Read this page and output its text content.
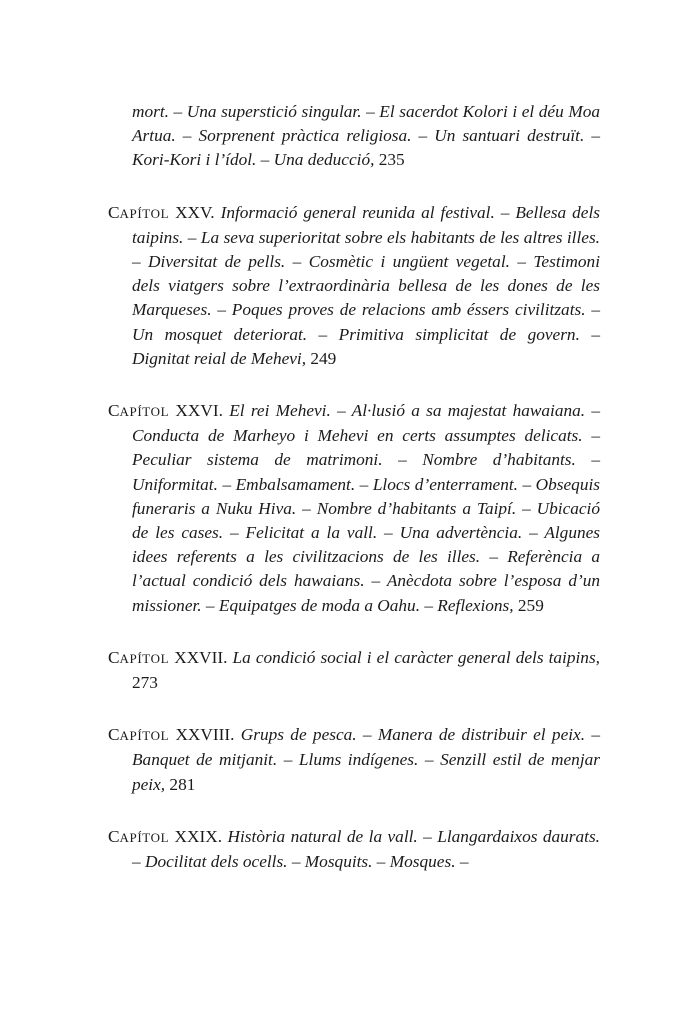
mort. – Una superstició singular. – El sacerdot Kolori i el déu Moa Artua. – Sorprenent pràctica religiosa. – Un santuari destruït. – Kori-Kori i l’ídol. – Una deducció, 235

CAPÍTOL XXV. Informació general reunida al festival. – Bellesa dels taipins. – La seva superioritat sobre els habitants de les altres illes. – Diversitat de pells. – Cosmètic i ungüent vegetal. – Testimoni dels viatgers sobre l’extraordinària bellesa de les dones de les Marqueses. – Poques proves de relacions amb éssers civilitzats. – Un mosquet deteriorat. – Primitiva simplicitat de govern. – Dignitat reial de Mehevi, 249

CAPÍTOL XXVI. El rei Mehevi. – Al·lusió a sa majestat hawaiana. – Conducta de Marheyo i Mehevi en certs assumptes delicats. – Peculiar sistema de matrimoni. – Nombre d’habitants. – Uniformitat. – Embalsamament. – Llocs d’enterrament. – Obsequis funeraris a Nuku Hiva. – Nombre d’habitants a Taipí. – Ubicació de les cases. – Felicitat a la vall. – Una advertència. – Algunes idees referents a les civilitzacions de les illes. – Referència a l’actual condició dels hawaians. – Anècdota sobre l’esposa d’un missioner. – Equipatges de moda a Oahu. – Reflexions, 259

CAPÍTOL XXVII. La condició social i el caràcter general dels taipins, 273

CAPÍTOL XXVIII. Grups de pesca. – Manera de distribuir el peix. – Banquet de mitjanit. – Llums indígenes. – Senzill estil de menjar peix, 281

CAPÍTOL XXIX. Història natural de la vall. – Llangardaixos daurats. – Docilitat dels ocells. – Mosquits. – Mosques. –
